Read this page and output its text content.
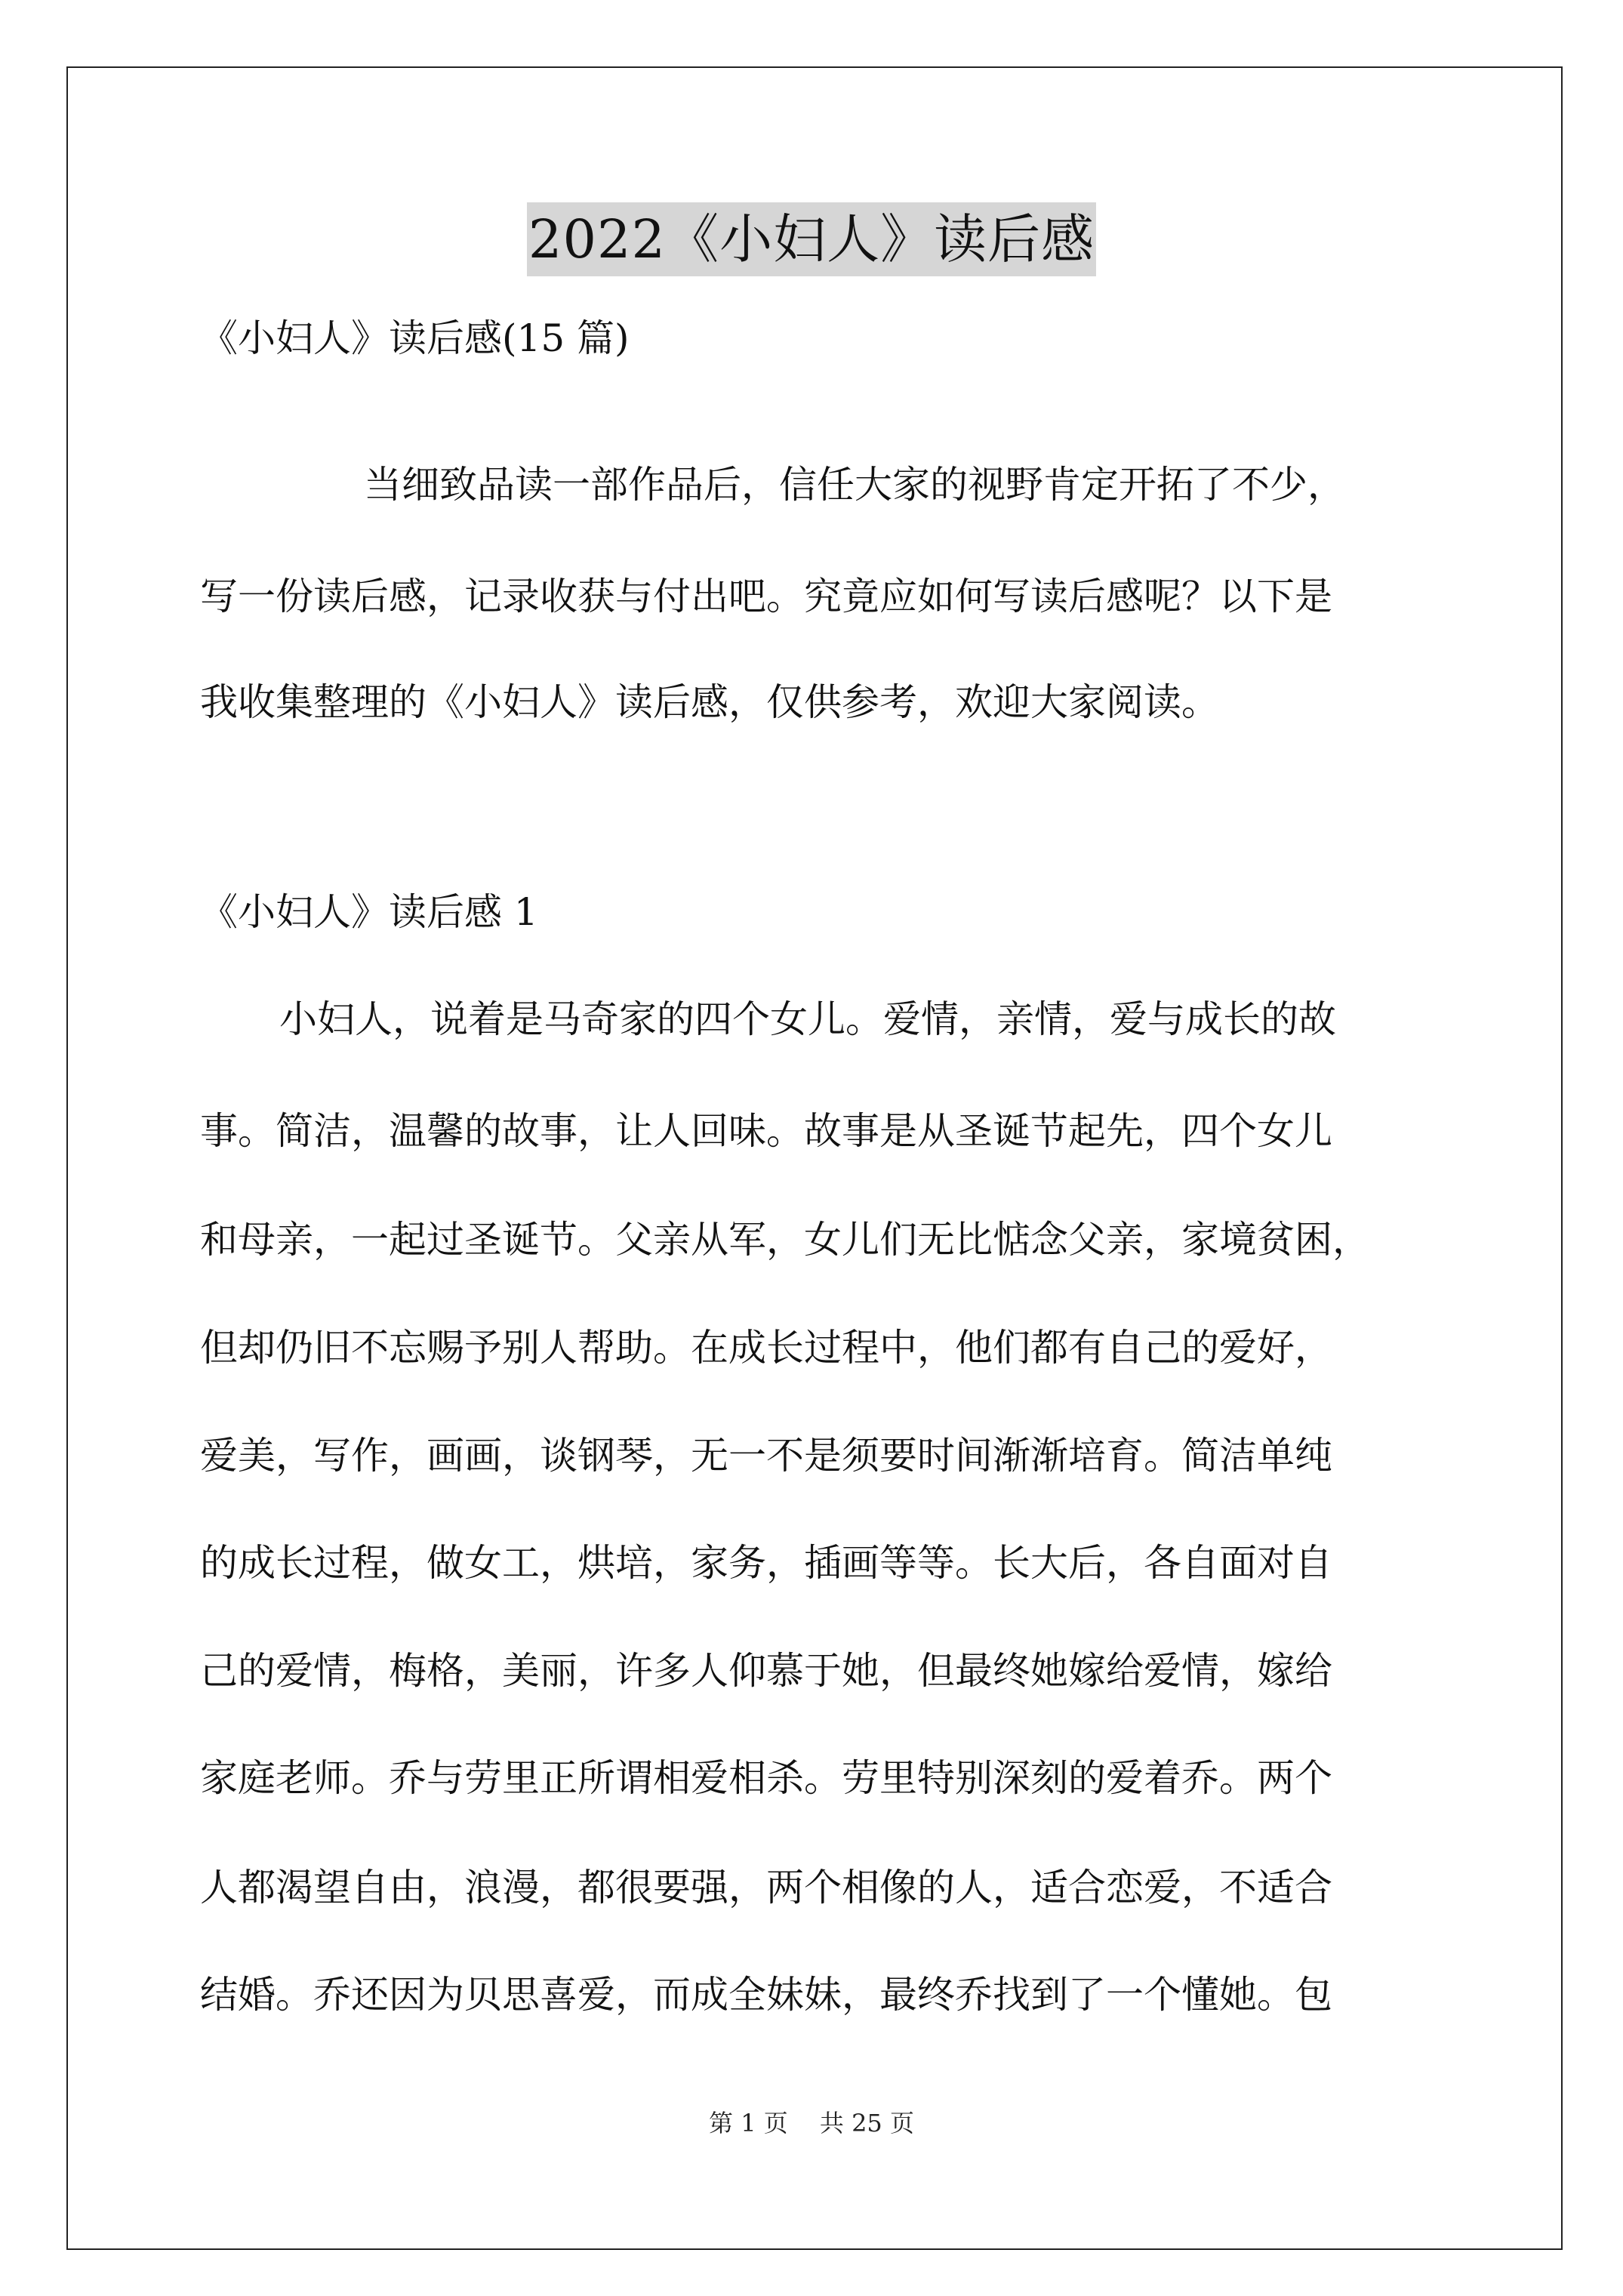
2022《小妇人》读后感

《小妇人》读后感(15 篇)

当细致品读一部作品后，信任大家的视野肯定开拓了不少，

写一份读后感，记录收获与付出吧。究竟应如何写读后感呢？以下是

我收集整理的《小妇人》读后感，仅供参考，欢迎大家阅读。

《小妇人》读后感 1

小妇人，说着是马奇家的四个女儿。爱情，亲情，爱与成长的故

事。简洁，温馨的故事，让人回味。故事是从圣诞节起先，四个女儿

和母亲，一起过圣诞节。父亲从军，女儿们无比惦念父亲，家境贫困，

但却仍旧不忘赐予别人帮助。在成长过程中，他们都有自己的爱好，

爱美，写作，画画，谈钢琴，无一不是须要时间渐渐培育。简洁单纯

的成长过程，做女工，烘培，家务，插画等等。长大后，各自面对自

己的爱情，梅格，美丽，许多人仰慕于她，但最终她嫁给爱情，嫁给

家庭老师。乔与劳里正所谓相爱相杀。劳里特别深刻的爱着乔。两个

人都渴望自由，浪漫，都很要强，两个相像的人，适合恋爱，不适合

结婚。乔还因为贝思喜爱，而成全妹妹，最终乔找到了一个懂她。包

第 1 页　 共 25 页
